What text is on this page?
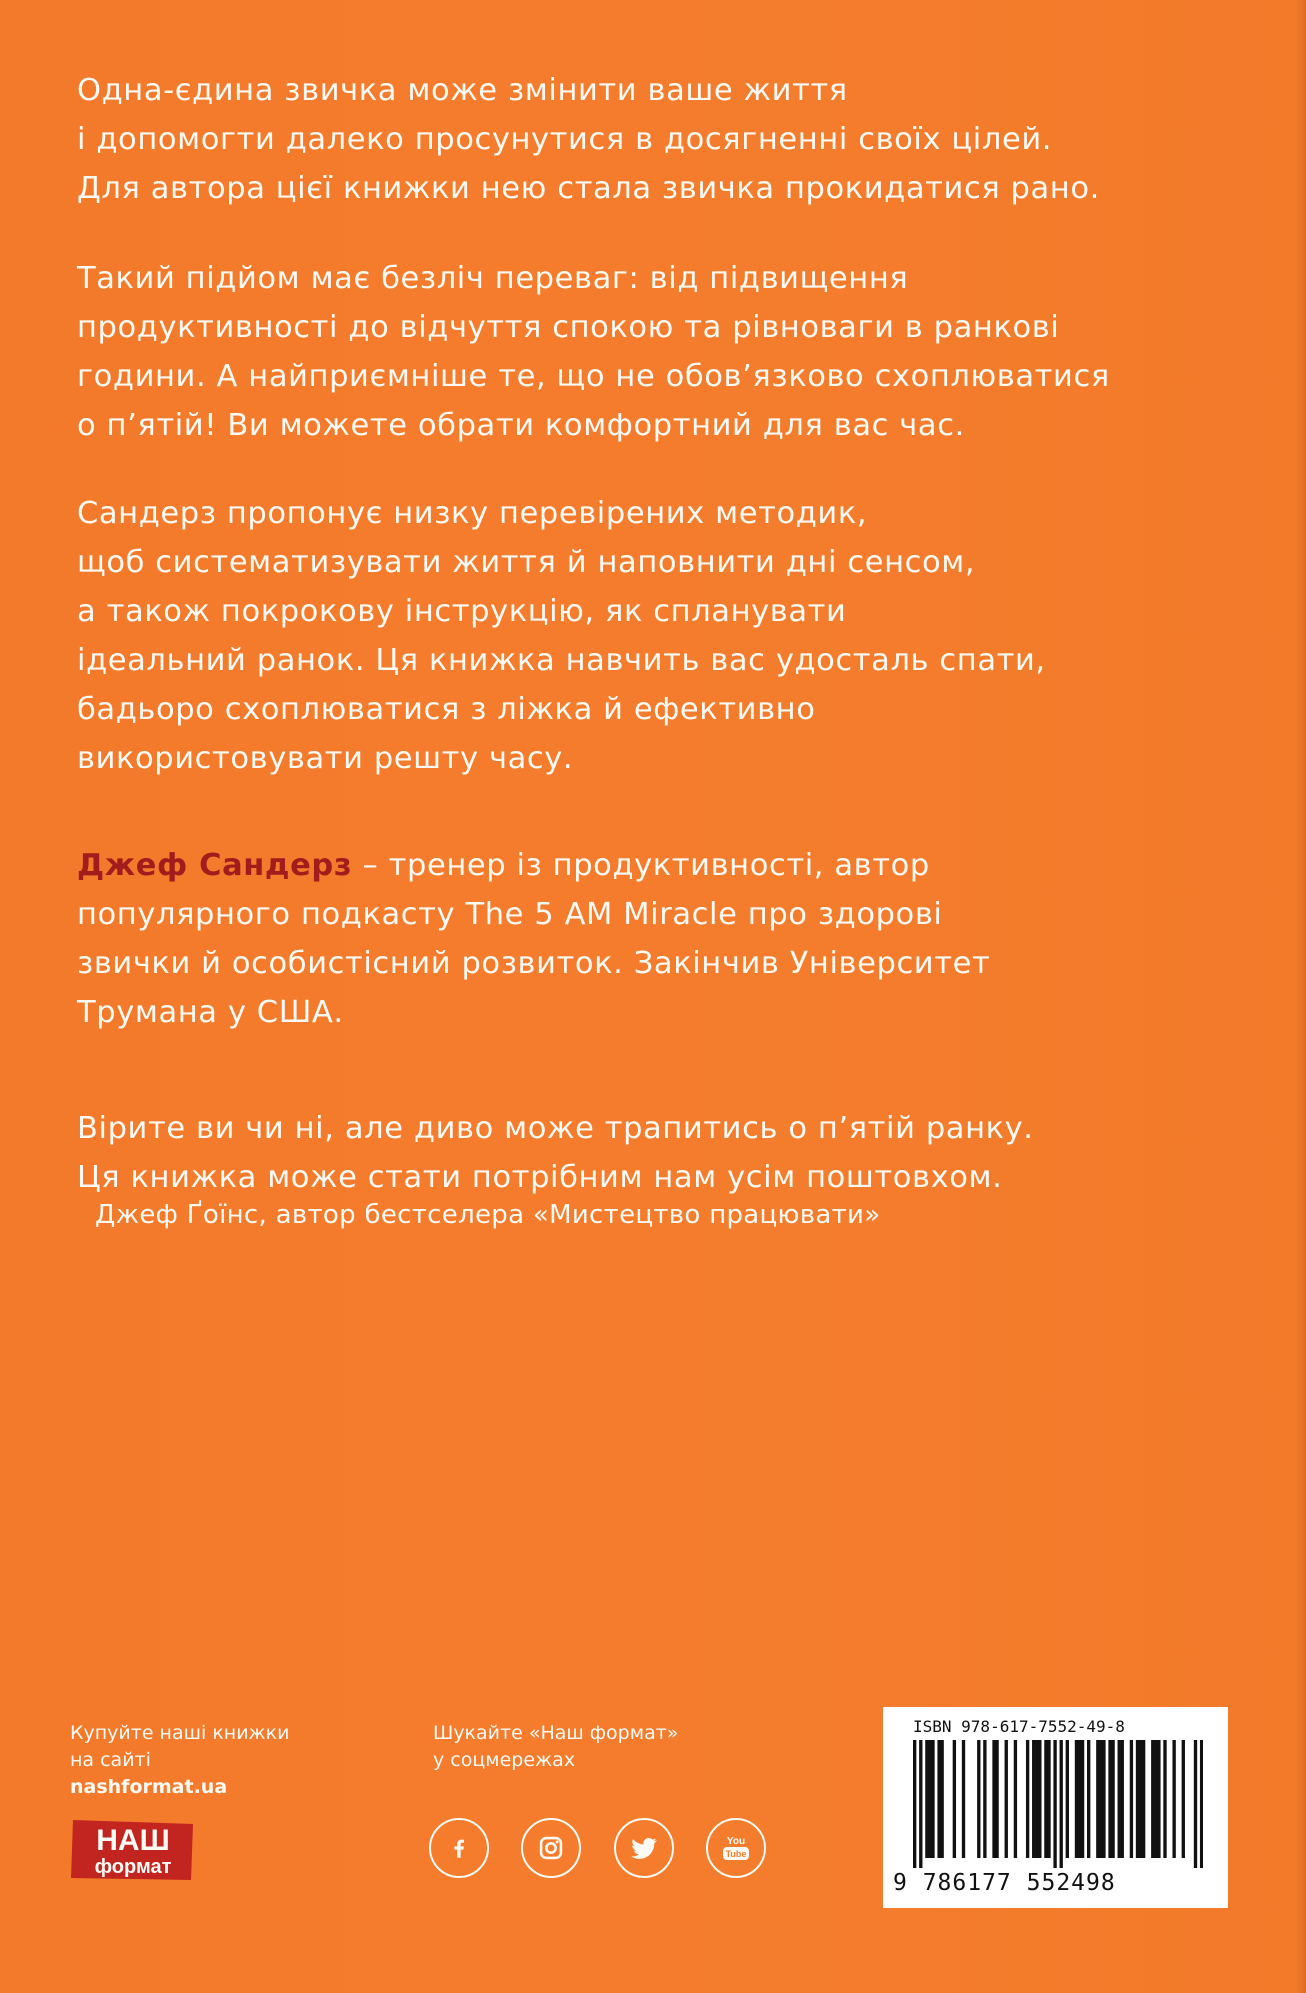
Одна-єдина звичка може змінити ваше життя
і допомогти далеко просунутися в досягненні своїх цілей.
Для автора цієї книжки нею стала звичка прокидатися рано.

Такий підйом має безліч переваг: від підвищення
продуктивності до відчуття спокою та рівноваги в ранкові
години. А найприємніше те, що не обов’язково схоплюватися
о п’ятій! Ви можете обрати комфортний для вас час.

Сандерз пропонує низку перевірених методик,
щоб систематизувати життя й наповнити дні сенсом,
а також покрокову інструкцію, як спланувати
ідеальний ранок. Ця книжка навчить вас удосталь спати,
бадьоро схоплюватися з ліжка й ефективно
використовувати решту часу.

Джеф Сандерз – тренер із продуктивності, автор
популярного подкасту The 5 AM Miracle про здорові
звички й особистісний розвиток. Закінчив Університет
Трумана у США.

Вірите ви чи ні, але диво може трапитись о п’ятій ранку.
Ця книжка може стати потрібним нам усім поштовхом.

Джеф Ґоїнс, автор бестселера «Мистецтво працювати»
Купуйте наші книжки
на сайті
nashformat.ua
Шукайте «Наш формат»
у соцмережах
НАШ
формат
You
Tube
ISBN 978-617-7552-49-8
9 786177 552498
